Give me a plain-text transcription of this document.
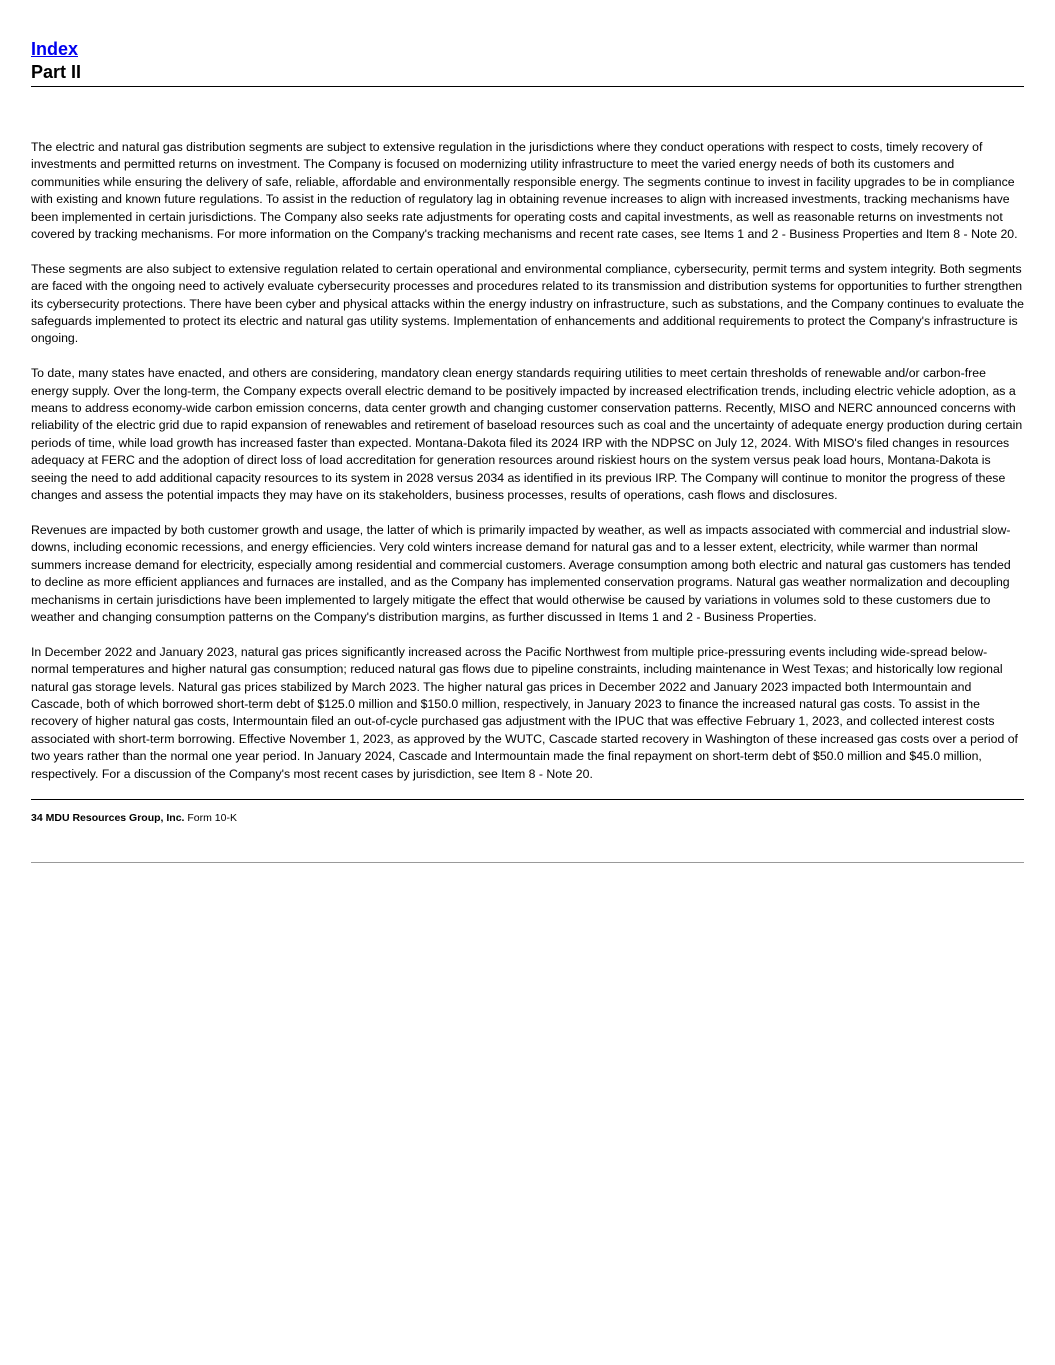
Index
Part II

The electric and natural gas distribution segments are subject to extensive regulation in the jurisdictions where they conduct operations with respect to costs, timely recovery of investments and permitted returns on investment. The Company is focused on modernizing utility infrastructure to meet the varied energy needs of both its customers and communities while ensuring the delivery of safe, reliable, affordable and environmentally responsible energy. The segments continue to invest in facility upgrades to be in compliance with existing and known future regulations. To assist in the reduction of regulatory lag in obtaining revenue increases to align with increased investments, tracking mechanisms have been implemented in certain jurisdictions. The Company also seeks rate adjustments for operating costs and capital investments, as well as reasonable returns on investments not covered by tracking mechanisms. For more information on the Company's tracking mechanisms and recent rate cases, see Items 1 and 2 - Business Properties and Item 8 - Note 20.

These segments are also subject to extensive regulation related to certain operational and environmental compliance, cybersecurity, permit terms and system integrity. Both segments are faced with the ongoing need to actively evaluate cybersecurity processes and procedures related to its transmission and distribution systems for opportunities to further strengthen its cybersecurity protections. There have been cyber and physical attacks within the energy industry on infrastructure, such as substations, and the Company continues to evaluate the safeguards implemented to protect its electric and natural gas utility systems. Implementation of enhancements and additional requirements to protect the Company's infrastructure is ongoing.

To date, many states have enacted, and others are considering, mandatory clean energy standards requiring utilities to meet certain thresholds of renewable and/or carbon-free energy supply. Over the long-term, the Company expects overall electric demand to be positively impacted by increased electrification trends, including electric vehicle adoption, as a means to address economy-wide carbon emission concerns, data center growth and changing customer conservation patterns. Recently, MISO and NERC announced concerns with reliability of the electric grid due to rapid expansion of renewables and retirement of baseload resources such as coal and the uncertainty of adequate energy production during certain periods of time, while load growth has increased faster than expected. Montana-Dakota filed its 2024 IRP with the NDPSC on July 12, 2024. With MISO's filed changes in resources adequacy at FERC and the adoption of direct loss of load accreditation for generation resources around riskiest hours on the system versus peak load hours, Montana-Dakota is seeing the need to add additional capacity resources to its system in 2028 versus 2034 as identified in its previous IRP. The Company will continue to monitor the progress of these changes and assess the potential impacts they may have on its stakeholders, business processes, results of operations, cash flows and disclosures.

Revenues are impacted by both customer growth and usage, the latter of which is primarily impacted by weather, as well as impacts associated with commercial and industrial slow-downs, including economic recessions, and energy efficiencies. Very cold winters increase demand for natural gas and to a lesser extent, electricity, while warmer than normal summers increase demand for electricity, especially among residential and commercial customers. Average consumption among both electric and natural gas customers has tended to decline as more efficient appliances and furnaces are installed, and as the Company has implemented conservation programs. Natural gas weather normalization and decoupling mechanisms in certain jurisdictions have been implemented to largely mitigate the effect that would otherwise be caused by variations in volumes sold to these customers due to weather and changing consumption patterns on the Company's distribution margins, as further discussed in Items 1 and 2 - Business Properties.

In December 2022 and January 2023, natural gas prices significantly increased across the Pacific Northwest from multiple price-pressuring events including wide-spread below-normal temperatures and higher natural gas consumption; reduced natural gas flows due to pipeline constraints, including maintenance in West Texas; and historically low regional natural gas storage levels. Natural gas prices stabilized by March 2023. The higher natural gas prices in December 2022 and January 2023 impacted both Intermountain and Cascade, both of which borrowed short-term debt of $125.0 million and $150.0 million, respectively, in January 2023 to finance the increased natural gas costs. To assist in the recovery of higher natural gas costs, Intermountain filed an out-of-cycle purchased gas adjustment with the IPUC that was effective February 1, 2023, and collected interest costs associated with short-term borrowing. Effective November 1, 2023, as approved by the WUTC, Cascade started recovery in Washington of these increased gas costs over a period of two years rather than the normal one year period. In January 2024, Cascade and Intermountain made the final repayment on short-term debt of $50.0 million and $45.0 million, respectively. For a discussion of the Company's most recent cases by jurisdiction, see Item 8 - Note 20.

34 MDU Resources Group, Inc. Form 10-K
